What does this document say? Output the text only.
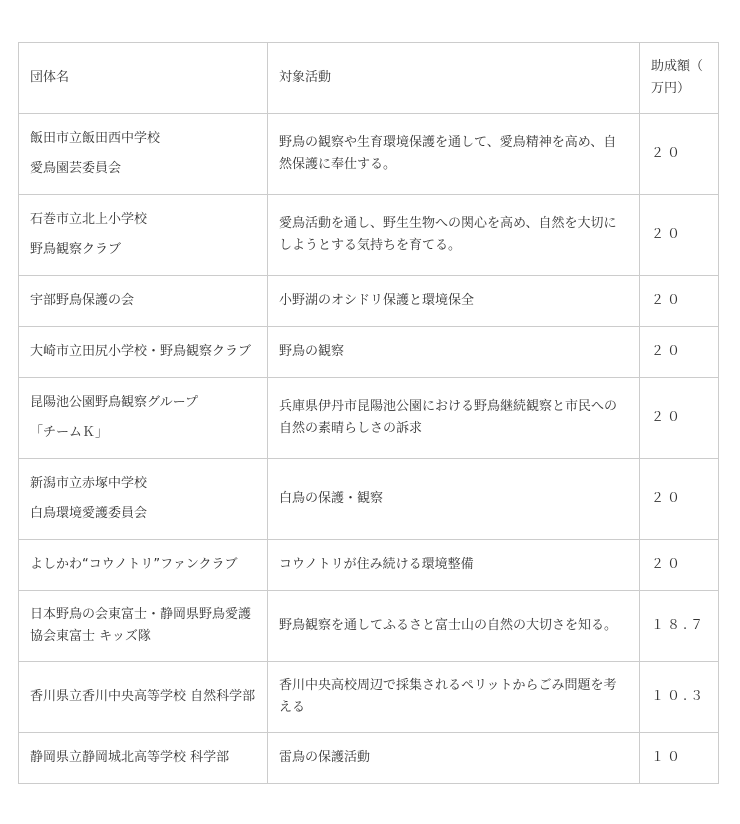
団体名	対象活動	助成額（
万円）

飯田市立飯田西中学校
愛鳥園芸委員会	野鳥の観察や生育環境保護を通して、愛鳥精神を高め、自然保護に奉仕する。	２０

石巻市立北上小学校
野鳥観察クラブ	愛鳥活動を通し、野生生物への関心を高め、自然を大切にしようとする気持ちを育てる。	２０

宇部野鳥保護の会	小野湖のオシドリ保護と環境保全	２０

大崎市立田尻小学校・野鳥観察クラブ	野鳥の観察	２０

昆陽池公園野鳥観察グループ
「チームＫ」	兵庫県伊丹市昆陽池公園における野鳥継続観察と市民への自然の素晴らしさの訴求	２０

新潟市立赤塚中学校
白鳥環境愛護委員会	白鳥の保護・観察	２０

よしかわ“コウノトリ”ファンクラブ	コウノトリが住み続ける環境整備	２０

日本野鳥の会東富士・静岡県野鳥愛護協会東富士 キッズ隊	野鳥観察を通してふるさと富士山の自然の大切さを知る。	１８.７

香川県立香川中央高等学校 自然科学部	香川中央高校周辺で採集されるペリットからごみ問題を考える	１０.３

静岡県立静岡城北高等学校 科学部	雷鳥の保護活動	１０
